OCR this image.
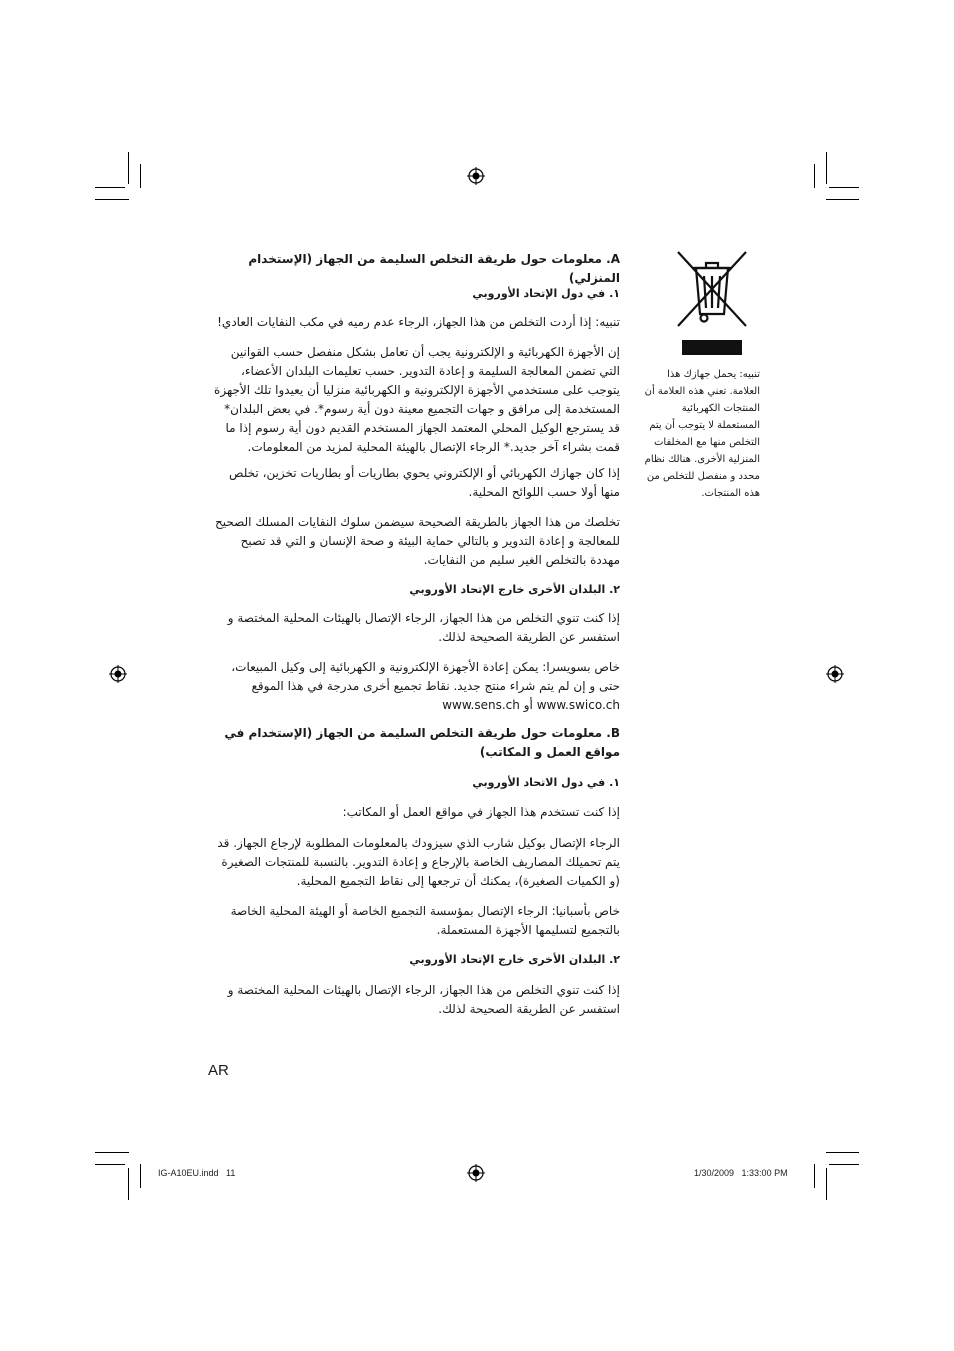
A. معلومات حول طريقة التخلص السليمة من الجهاز (الإستخدام المنزلي)
١. في دول الإتحاد الأوروبي
تنبيه: إذا أردت التخلص من هذا الجهاز، الرجاء عدم رميه في مكب النفايات العادي!
إن الأجهزة الكهربائية و الإلكترونية يجب أن تعامل بشكل منفصل حسب القوانين التي تضمن المعالجة السليمة و إعادة التدوير. حسب تعليمات البلدان الأعضاء، يتوجب على مستخدمي الأجهزة الإلكترونية و الكهربائية منزليا أن يعيدوا تلك الأجهزة المستخدمة إلى مرافق و جهات التجميع معينة دون أية رسوم*. في بعض البلدان* قد يسترجع الوكيل المحلي المعتمد الجهاز المستخدم القديم دون أية رسوم إذا ما قمت بشراء آخر جديد.* الرجاء الإتصال بالهيئة المحلية لمزيد من المعلومات.
إذا كان جهازك الكهربائي أو الإلكتروني يحوي بطاريات أو بطاريات تخزين، تخلص منها أولا حسب اللوائح المحلية.
تخلصك من هذا الجهاز بالطريقة الصحيحة سيضمن سلوك النفايات المسلك الصحيح للمعالجة و إعادة التدوير و بالتالي حماية البيئة و صحة الإنسان و التي قد تصبح مهددة بالتخلص الغير سليم من النفايات.
٢. البلدان الأخرى خارج الإتحاد الأوروبي
إذا كنت تنوي التخلص من هذا الجهاز، الرجاء الإتصال بالهيئات المحلية المختصة و استفسر عن الطريقة الصحيحة لذلك.
خاص بسويسرا: يمكن إعادة الأجهزة الإلكترونية و الكهربائية إلى وكيل المبيعات، حتى و إن لم يتم شراء منتج جديد. نقاط تجميع أخرى مدرجة في هذا الموقع www.swico.ch أو www.sens.ch
B. معلومات حول طريقة التخلص السليمة من الجهاز (الإستخدام في مواقع العمل و المكاتب)
١. في دول الاتحاد الأوروبي
إذا كنت تستخدم هذا الجهاز في مواقع العمل أو المكاتب:
الرجاء الإتصال بوكيل شارب الذي سيزودك بالمعلومات المطلوبة لإرجاع الجهاز. قد يتم تحميلك المصاريف الخاصة بالإرجاع و إعادة التدوير. بالنسبة للمنتجات الصغيرة (و الكميات الصغيرة)، يمكنك أن ترجعها إلى نقاط التجميع المحلية.
خاص بأسبانيا: الرجاء الإتصال بمؤسسة التجميع الخاصة أو الهيئة المحلية الخاصة بالتجميع لتسليمها الأجهزة المستعملة.
٢. البلدان الأخرى خارج الإتحاد الأوروبي
إذا كنت تنوي التخلص من هذا الجهاز، الرجاء الإتصال بالهيئات المحلية المختصة و استفسر عن الطريقة الصحيحة لذلك.
تنبيه: يحمل جهازك هذا العلامة. تعني هذه العلامة أن المنتجات الكهربائية المستعملة لا يتوجب أن يتم التخلص منها مع المخلفات المنزلية الأخرى. هنالك نظام محدد و منفصل للتخلص من هذه المنتجات.
AR
IG-A10EU.indd   11	1/30/2009   1:33:00 PM
